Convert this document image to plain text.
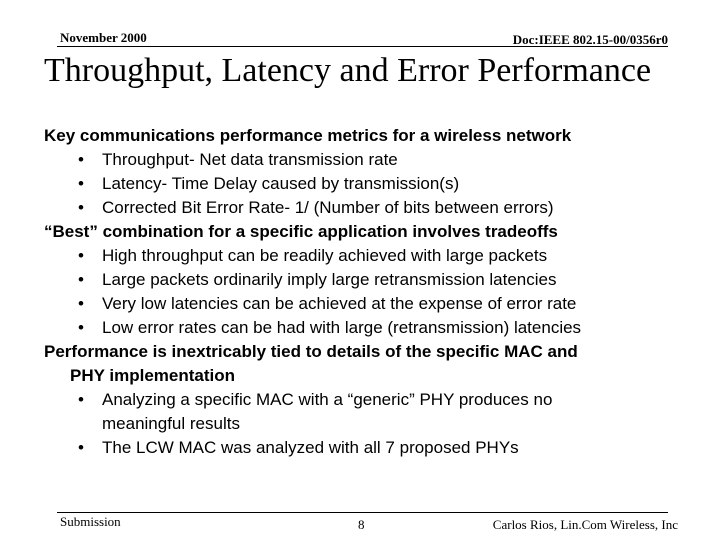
November 2000	Doc:IEEE 802.15-00/0356r0
Throughput, Latency and Error Performance
Key communications performance metrics for a wireless network
• Throughput- Net data transmission rate
• Latency- Time Delay caused by transmission(s)
• Corrected Bit Error Rate- 1/ (Number of bits between errors)
“Best” combination for a specific application involves tradeoffs
• High throughput can be readily achieved with large packets
• Large packets ordinarily imply large retransmission latencies
• Very low latencies can be achieved at the expense of error rate
• Low error rates can be had with large (retransmission) latencies
Performance is inextricably tied to details of the specific MAC and
PHY implementation
• Analyzing a specific MAC with a “generic” PHY produces no
meaningful results
• The LCW MAC was analyzed with all 7 proposed PHYs
Submission	8	Carlos Rios, Lin.Com Wireless, Inc
